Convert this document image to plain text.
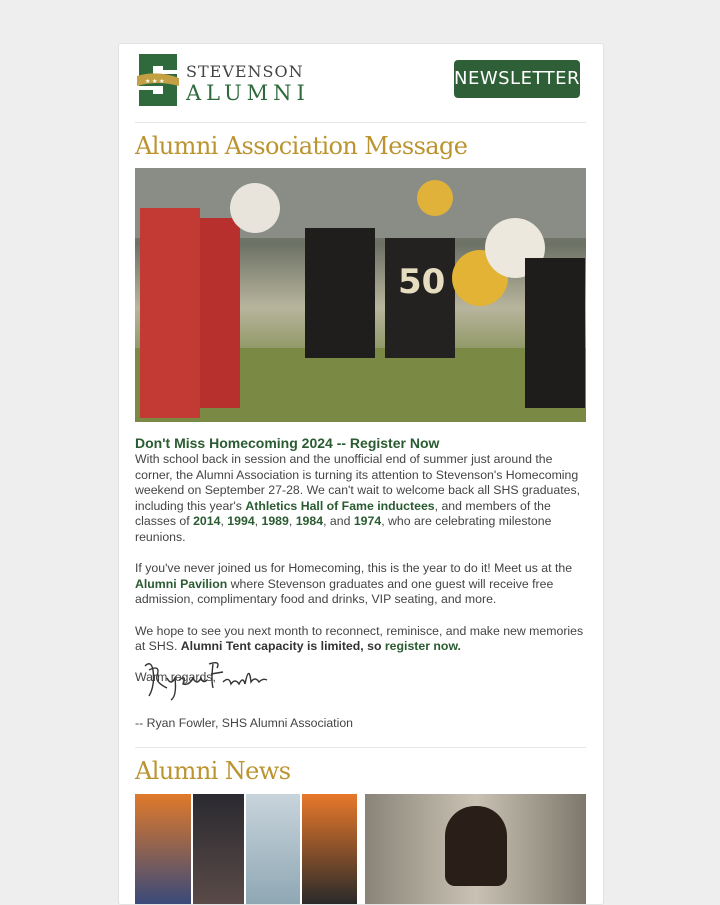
★ ★ ★
STEVENSON
ALUMNI
NEWSLETTER
Alumni Association Message
50
Don't Miss Homecoming 2024 -- Register Now

With school back in session and the unofficial end of summer just around the corner, the Alumni Association is turning its attention to Stevenson's Homecoming weekend on September 27-28. We can't wait to welcome back all SHS graduates, including this year's Athletics Hall of Fame inductees, and members of the classes of 2014, 1994, 1989, 1984, and 1974, who are celebrating milestone reunions.

If you've never joined us for Homecoming, this is the year to do it! Meet us at the Alumni Pavilion where Stevenson graduates and one guest will receive free admission, complimentary food and drinks, VIP seating, and more.

We hope to see you next month to reconnect, reminisce, and make new memories at SHS. Alumni Tent capacity is limited, so register now.

Warm regards,

-- Ryan Fowler, SHS Alumni Association
Alumni News
